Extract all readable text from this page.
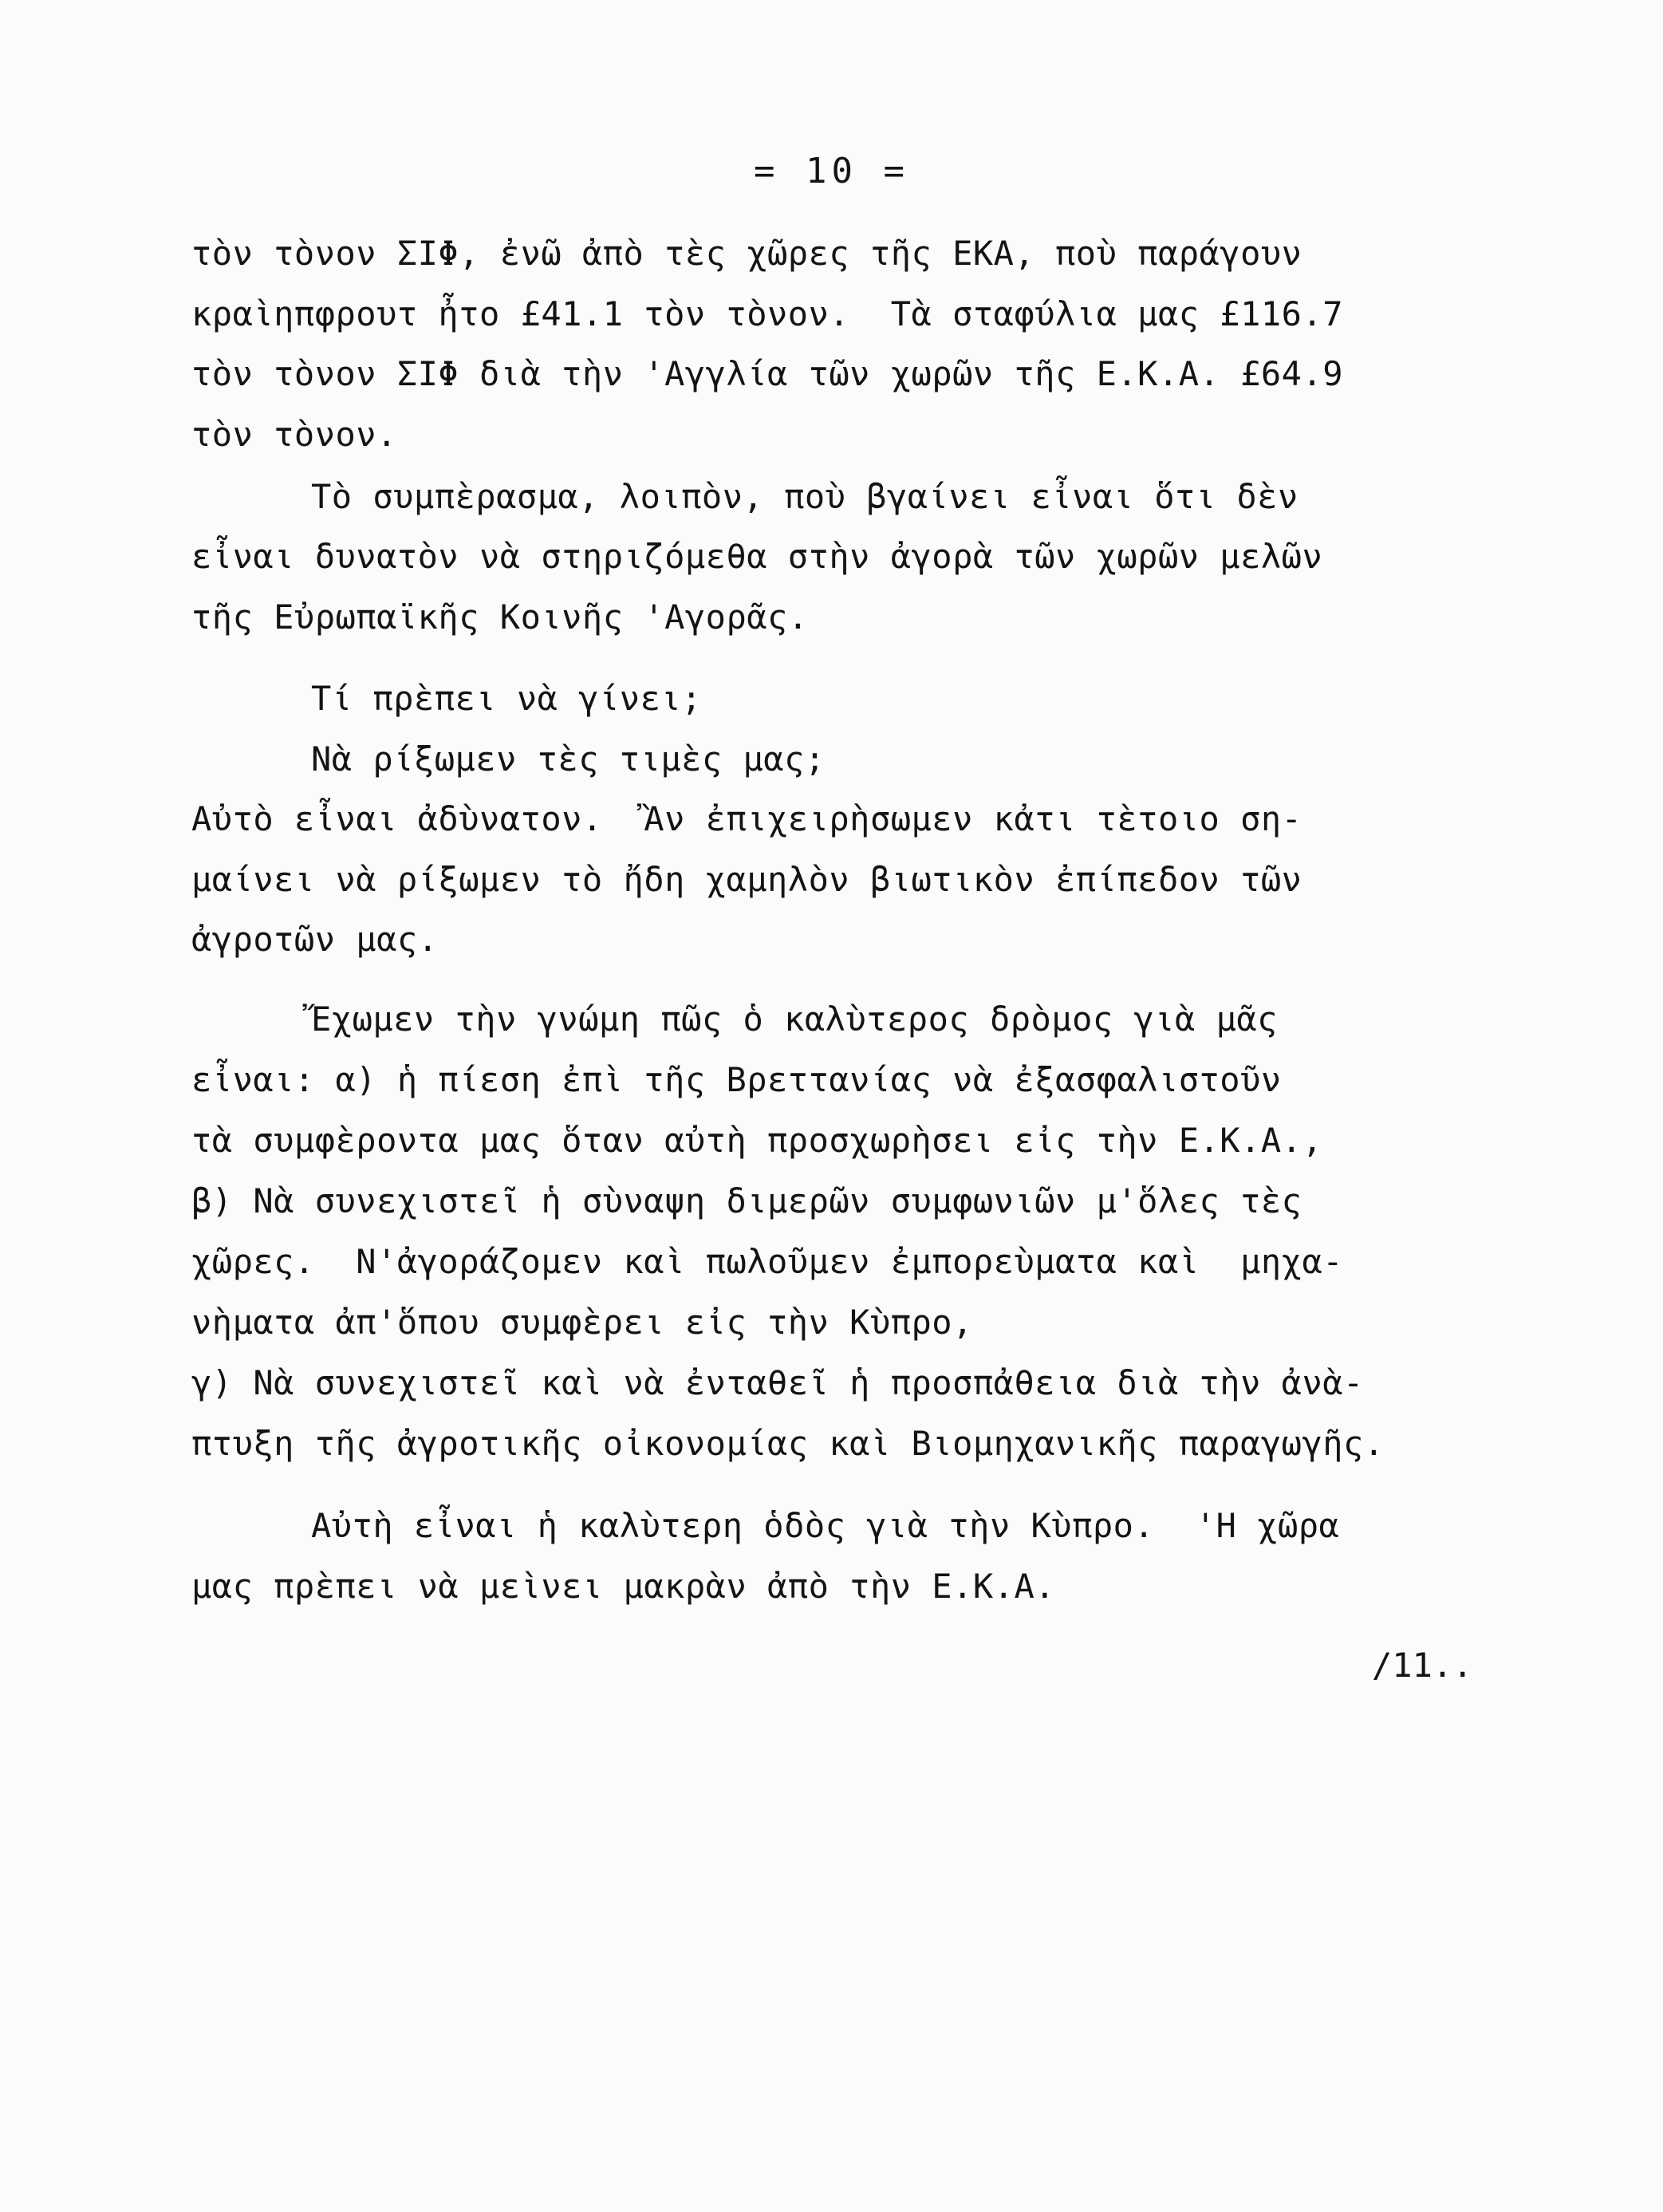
= 10 =
τὸν τὸνον ΣΙΦ, ἐνῶ ἀπὸ τὲς χῶρες τῆς ΕΚΑ, ποὺ παράγουν
κραὶηπφρουτ ἦτο £41.1 τὸν τὸνον.  Τὰ σταφύλια μας £116.7
τὸν τὸνον ΣΙΦ διὰ τὴν 'Αγγλία τῶν χωρῶν τῆς Ε.Κ.Α. £64.9
τὸν τὸνον.
Τὸ συμπὲρασμα, λοιπὸν, ποὺ βγαίνει εἶναι ὅτι δὲν
εἶναι δυνατὸν νὰ στηριζόμεθα στὴν ἀγορὰ τῶν χωρῶν μελῶν
τῆς Εὐρωπαϊκῆς Κοινῆς 'Αγορᾶς.
Τί πρὲπει νὰ γίνει;
Νὰ ρίξωμεν τὲς τιμὲς μας;
Αὐτὸ εἶναι ἀδὺνατον.  Ἂν ἐπιχειρὴσωμεν κἀτι τὲτοιο ση-
μαίνει νὰ ρίξωμεν τὸ ἤδη χαμηλὸν βιωτικὸν ἐπίπεδον τῶν
ἀγροτῶν μας.
Ἔχωμεν τὴν γνώμη πῶς ὁ καλὺτερος δρὸμος γιὰ μᾶς
εἶναι: α) ἡ πίεση ἐπὶ τῆς Βρεττανίας νὰ ἐξασφαλιστοῦν
τὰ συμφὲροντα μας ὅταν αὐτὴ προσχωρὴσει εἰς τὴν Ε.Κ.Α.,
β) Νὰ συνεχιστεῖ ἡ σὺναψη διμερῶν συμφωνιῶν μ'ὅλες τὲς
χῶρες.  Ν'ἀγοράζομεν καὶ πωλοῦμεν ἐμπορεὺματα καὶ  μηχα-
νὴματα ἀπ'ὅπου συμφὲρει εἰς τὴν Κὺπρο,
γ) Νὰ συνεχιστεῖ καὶ νὰ ἐνταθεῖ ἡ προσπἀθεια διὰ τὴν ἀνὰ-
πτυξη τῆς ἀγροτικῆς οἰκονομίας καὶ Βιομηχανικῆς παραγωγῆς.
Αὐτὴ εἶναι ἡ καλὺτερη ὁδὸς γιὰ τὴν Κὺπρο.  'Η χῶρα
μας πρὲπει νὰ μεὶνει μακρὰν ἀπὸ τὴν Ε.Κ.Α.
/11..
